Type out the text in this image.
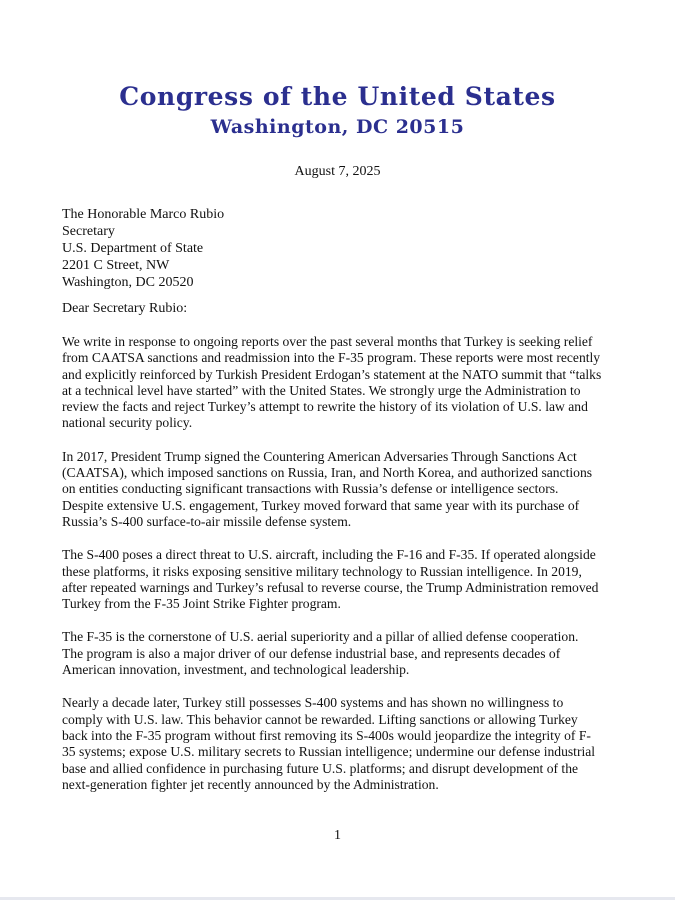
Congress of the United States
Washington, DC 20515
August 7, 2025
The Honorable Marco Rubio
Secretary
U.S. Department of State
2201 C Street, NW
Washington, DC 20520
Dear Secretary Rubio:

We write in response to ongoing reports over the past several months that Turkey is seeking relief from CAATSA sanctions and readmission into the F-35 program. These reports were most recently and explicitly reinforced by Turkish President Erdogan’s statement at the NATO summit that “talks at a technical level have started” with the United States. We strongly urge the Administration to review the facts and reject Turkey’s attempt to rewrite the history of its violation of U.S. law and national security policy.

In 2017, President Trump signed the Countering American Adversaries Through Sanctions Act (CAATSA), which imposed sanctions on Russia, Iran, and North Korea, and authorized sanctions on entities conducting significant transactions with Russia’s defense or intelligence sectors. Despite extensive U.S. engagement, Turkey moved forward that same year with its purchase of Russia’s S-400 surface-to-air missile defense system.

The S-400 poses a direct threat to U.S. aircraft, including the F-16 and F-35. If operated alongside these platforms, it risks exposing sensitive military technology to Russian intelligence. In 2019, after repeated warnings and Turkey’s refusal to reverse course, the Trump Administration removed Turkey from the F-35 Joint Strike Fighter program.

The F-35 is the cornerstone of U.S. aerial superiority and a pillar of allied defense cooperation. The program is also a major driver of our defense industrial base, and represents decades of American innovation, investment, and technological leadership.

Nearly a decade later, Turkey still possesses S-400 systems and has shown no willingness to comply with U.S. law. This behavior cannot be rewarded. Lifting sanctions or allowing Turkey back into the F-35 program without first removing its S-400s would jeopardize the integrity of F-35 systems; expose U.S. military secrets to Russian intelligence; undermine our defense industrial base and allied confidence in purchasing future U.S. platforms; and disrupt development of the next-generation fighter jet recently announced by the Administration.

1
